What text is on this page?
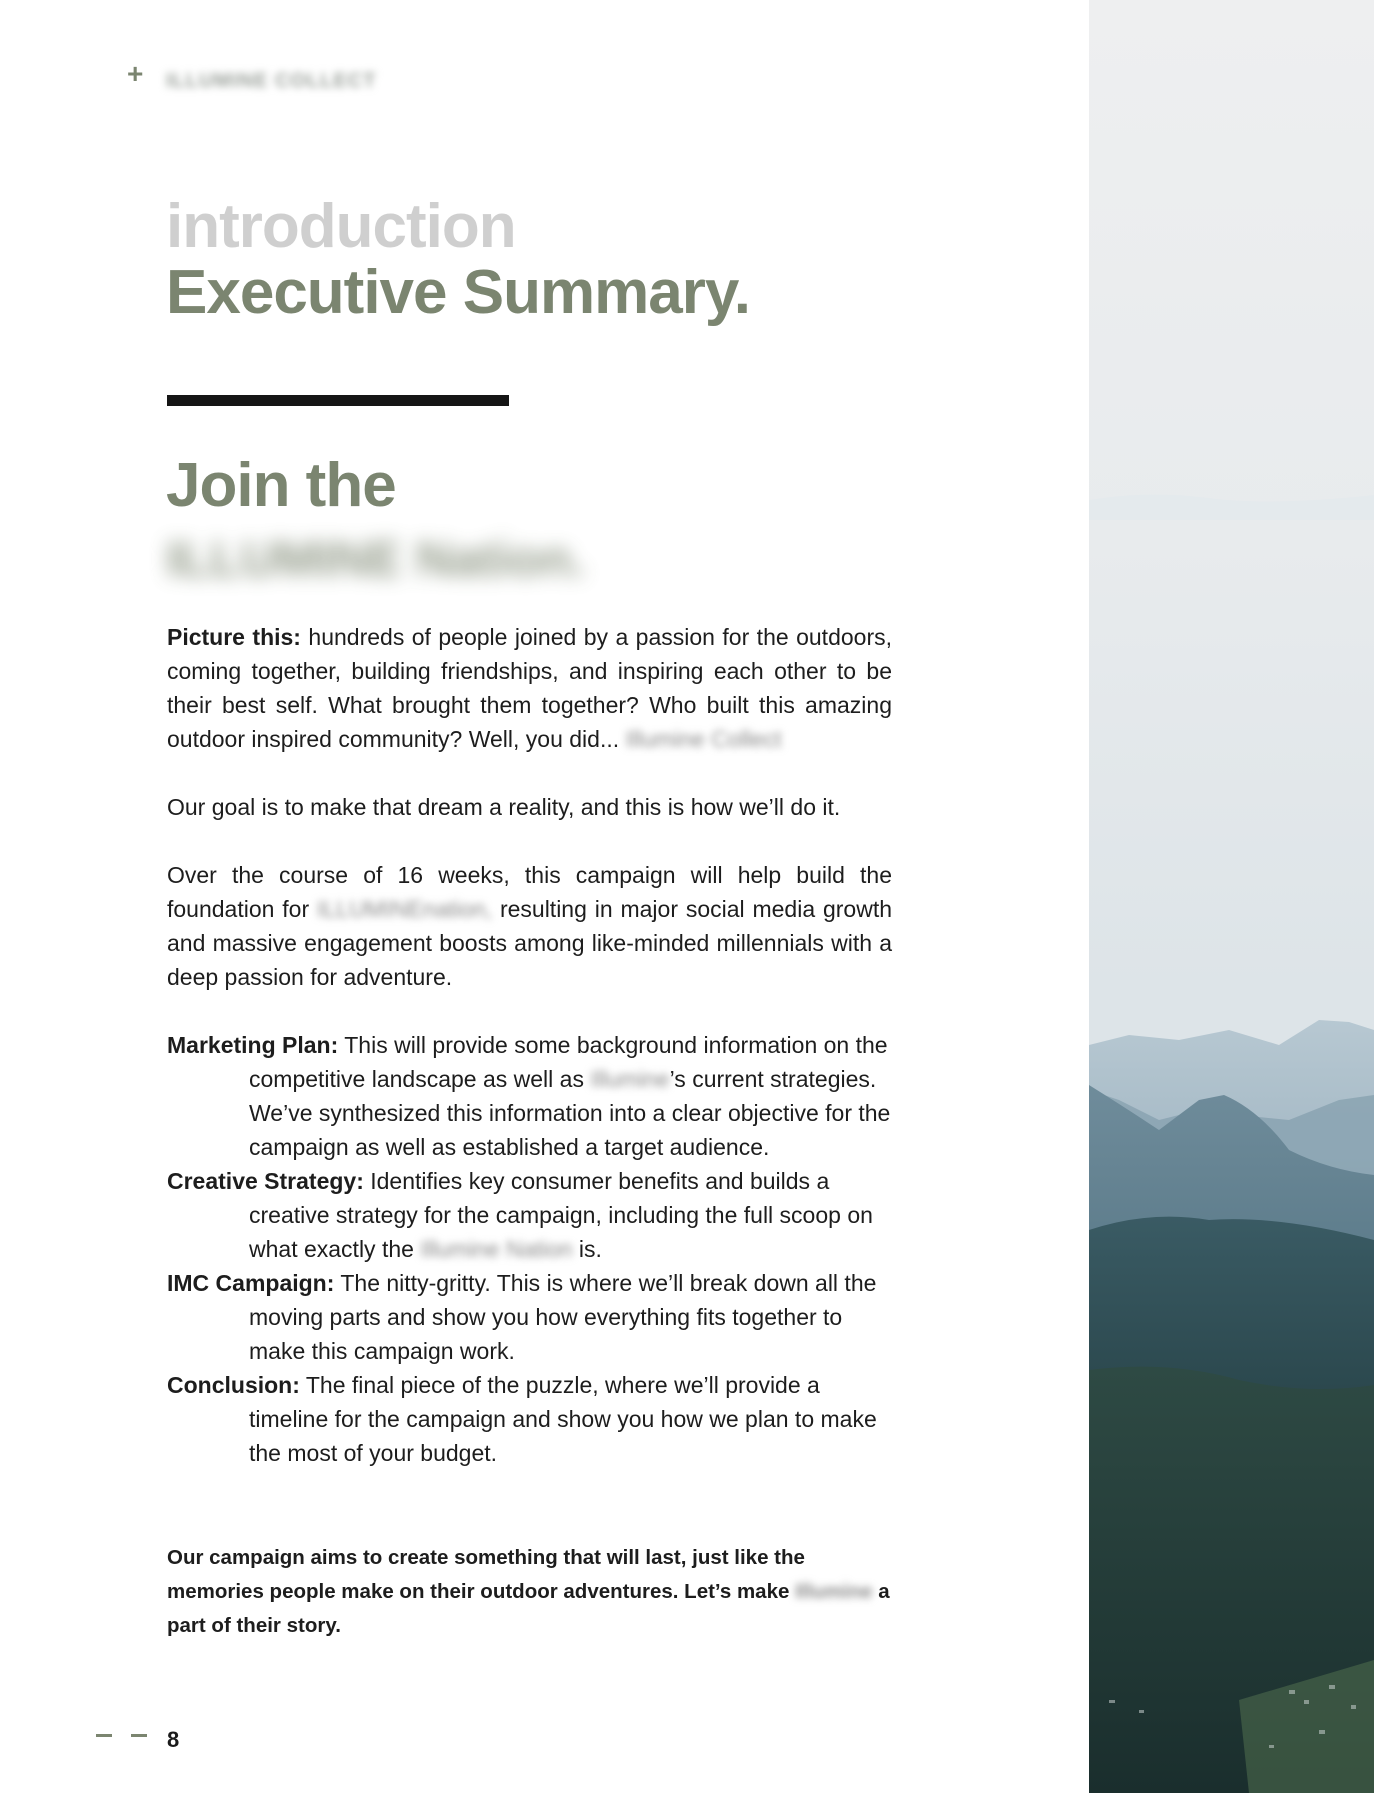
+ ILLUMINE COLLECT
introduction
Executive Summary.
Join the
ILLUMINE Nation.
Picture this: hundreds of people joined by a passion for the outdoors, coming together, building friendships, and inspiring each other to be their best self. What brought them together? Who built this amazing outdoor inspired community? Well, you did... Illumine Collect
Our goal is to make that dream a reality, and this is how we’ll do it.
Over the course of 16 weeks, this campaign will help build the foundation for ILLUMINEnation, resulting in major social media growth and massive engagement boosts among like-minded millennials with a deep passion for adventure.
Marketing Plan: This will provide some background information on the competitive landscape as well as Illumine’s current strategies. We’ve synthesized this information into a clear objective for the campaign as well as established a target audience.
Creative Strategy: Identifies key consumer benefits and builds a creative strategy for the campaign, including the full scoop on what exactly the Illumine Nation is.
IMC Campaign: The nitty-gritty. This is where we’ll break down all the moving parts and show you how everything fits together to make this campaign work.
Conclusion: The final piece of the puzzle, where we’ll provide a timeline for the campaign and show you how we plan to make the most of your budget.
Our campaign aims to create something that will last, just like the memories people make on their outdoor adventures. Let’s make Illumine a part of their story.
8
